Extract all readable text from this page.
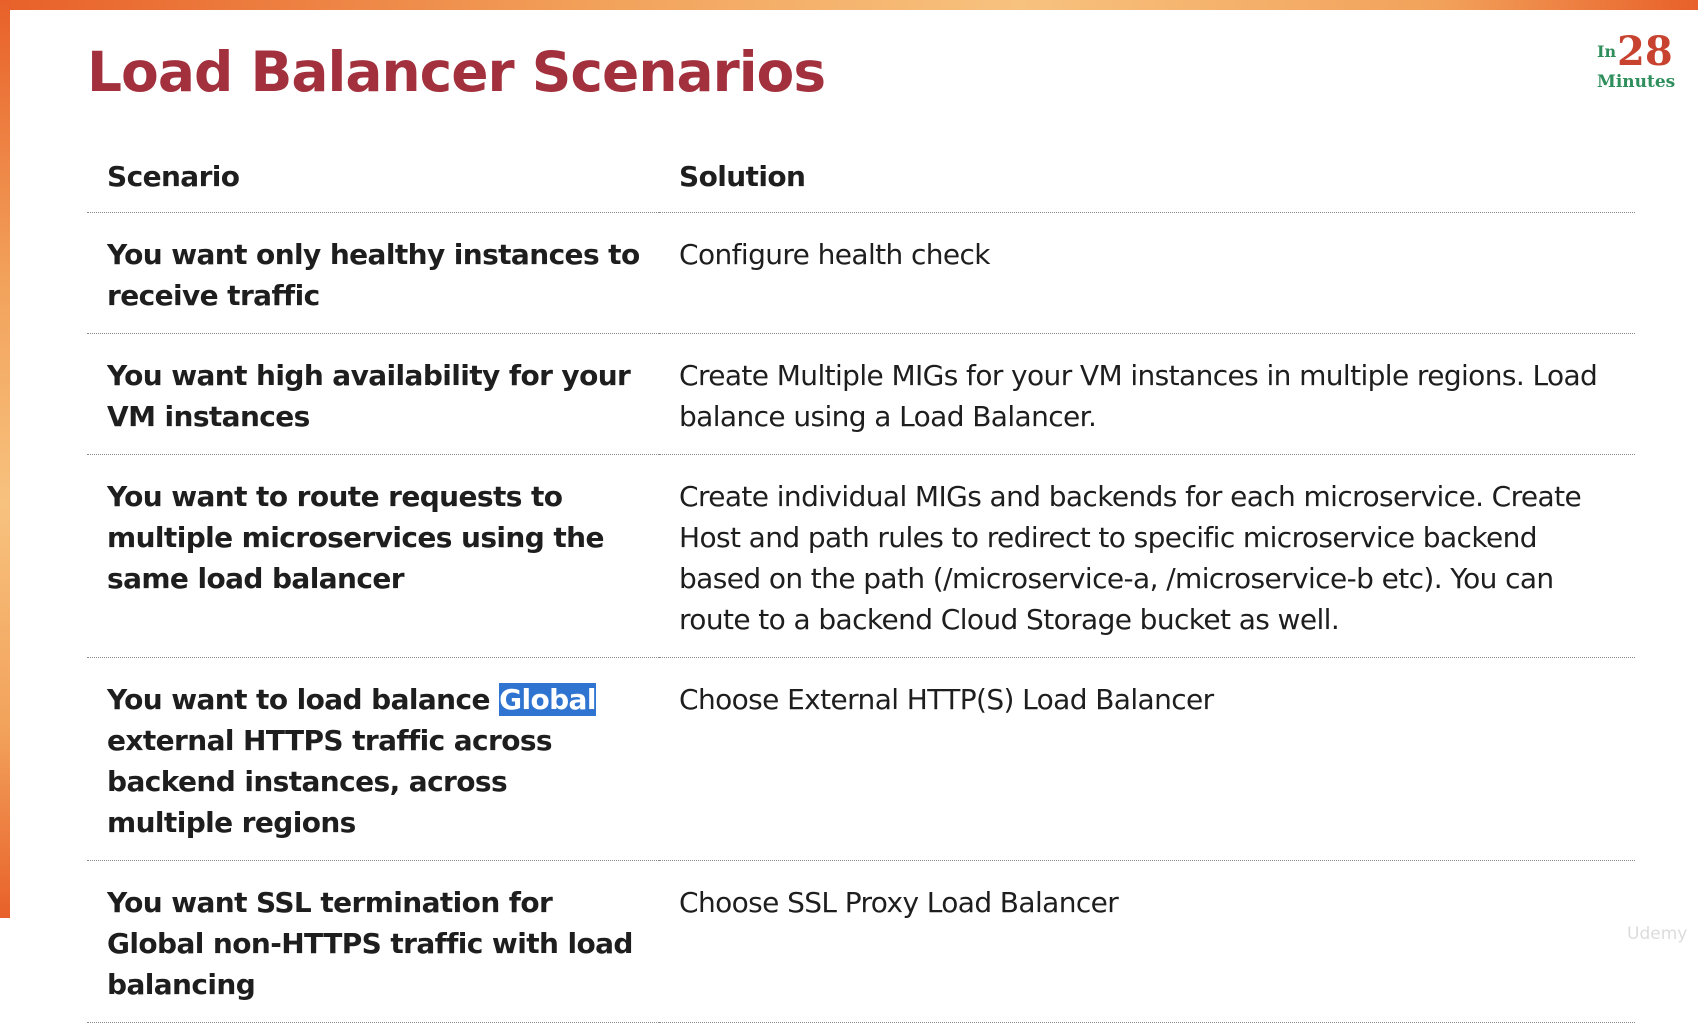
Load Balancer Scenarios	In 28
Minutes
Scenario	Solution
You want only healthy instances to receive traffic	Configure health check
You want high availability for your VM instances	Create Multiple MIGs for your VM instances in multiple regions. Load balance using a Load Balancer.
You want to route requests to multiple microservices using the same load balancer	Create individual MIGs and backends for each microservice. Create Host and path rules to redirect to specific microservice backend based on the path (/microservice-a, /microservice-b etc). You can route to a backend Cloud Storage bucket as well.
You want to load balance Global external HTTPS traffic across backend instances, across multiple regions	Choose External HTTP(S) Load Balancer
You want SSL termination for Global non-HTTPS traffic with load balancing	Choose SSL Proxy Load Balancer
Udemy
